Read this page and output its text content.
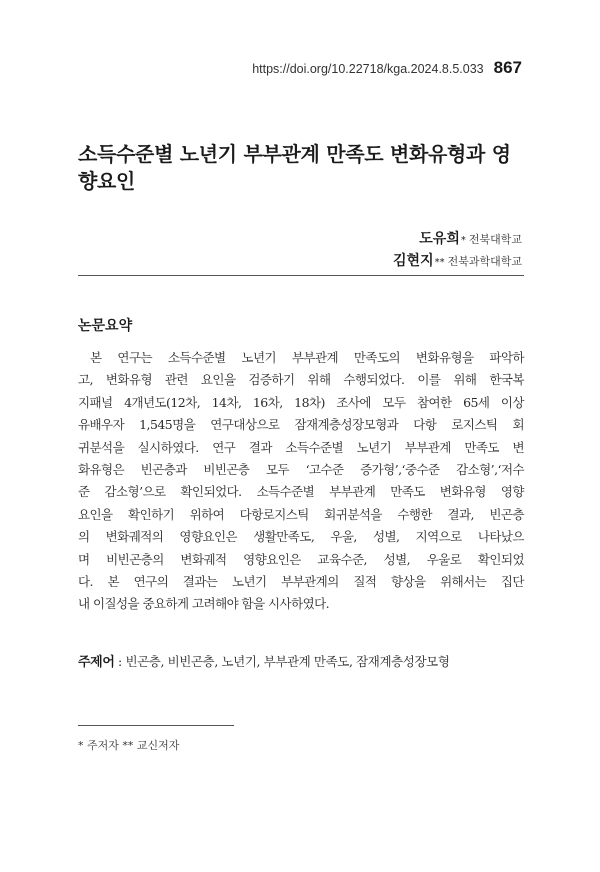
https://doi.org/10.22718/kga.2024.8.5.033 867
소득수준별 노년기 부부관계 만족도 변화유형과 영향요인
도유희* 전북대학교
김현지** 전북과학대학교
논문요약
본 연구는 소득수준별 노년기 부부관계 만족도의 변화유형을 파악하
고, 변화유형 관련 요인을 검증하기 위해 수행되었다. 이를 위해 한국복
지패널 4개년도(12차, 14차, 16차, 18차) 조사에 모두 참여한 65세 이상
유배우자 1,545명을 연구대상으로 잠재계층성장모형과 다항 로지스틱 회
귀분석을 실시하였다. 연구 결과 소득수준별 노년기 부부관계 만족도 변
화유형은 빈곤층과 비빈곤층 모두 ‘고수준 증가형’,‘중수준 감소형’,‘저수
준 감소형’으로 확인되었다. 소득수준별 부부관계 만족도 변화유형 영향
요인을 확인하기 위하여 다항로지스틱 회귀분석을 수행한 결과, 빈곤층
의 변화궤적의 영향요인은 생활만족도, 우울, 성별, 지역으로 나타났으
며 비빈곤층의 변화궤적 영향요인은 교육수준, 성별, 우울로 확인되었
다. 본 연구의 결과는 노년기 부부관계의 질적 향상을 위해서는 집단
내 이질성을 중요하게 고려해야 함을 시사하였다.
주제어 : 빈곤층, 비빈곤층, 노년기, 부부관계 만족도, 잠재계층성장모형
* 주저자 ** 교신저자
